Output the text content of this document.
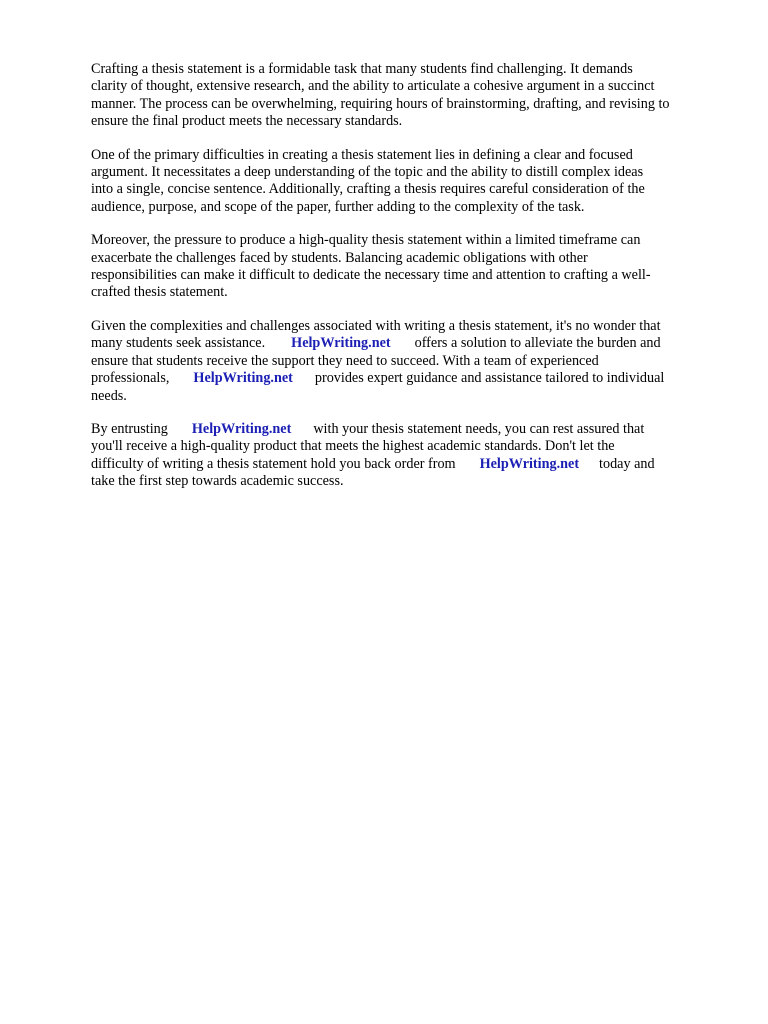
Crafting a thesis statement is a formidable task that many students find challenging. It demands
clarity of thought, extensive research, and the ability to articulate a cohesive argument in a succinct
manner. The process can be overwhelming, requiring hours of brainstorming, drafting, and revising to
ensure the final product meets the necessary standards.

One of the primary difficulties in creating a thesis statement lies in defining a clear and focused
argument. It necessitates a deep understanding of the topic and the ability to distill complex ideas
into a single, concise sentence. Additionally, crafting a thesis requires careful consideration of the
audience, purpose, and scope of the paper, further adding to the complexity of the task.

Moreover, the pressure to produce a high-quality thesis statement within a limited timeframe can
exacerbate the challenges faced by students. Balancing academic obligations with other
responsibilities can make it difficult to dedicate the necessary time and attention to crafting a well-
crafted thesis statement.

Given the complexities and challenges associated with writing a thesis statement, it's no wonder that
many students seek assistance. HelpWriting.net offers a solution to alleviate the burden and
ensure that students receive the support they need to succeed. With a team of experienced
professionals, HelpWriting.net provides expert guidance and assistance tailored to individual
needs.

By entrusting HelpWriting.net with your thesis statement needs, you can rest assured that
you'll receive a high-quality product that meets the highest academic standards. Don't let the
difficulty of writing a thesis statement hold you back order from HelpWriting.net today and
take the first step towards academic success.
